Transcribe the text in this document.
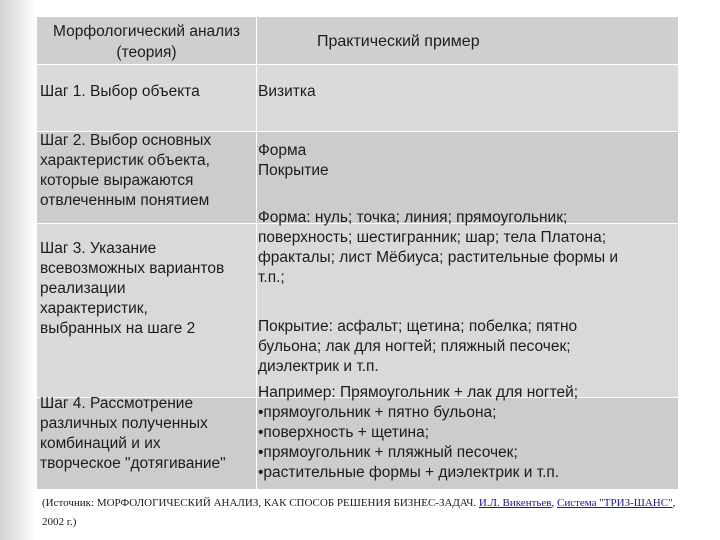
Морфологический анализ
(теория)
Практический пример
Шаг 1. Выбор объекта	Визитка
Шаг 2. Выбор основных
характеристик объекта,
которые выражаются
отвлеченным понятием
Форма
Покрытие
Шаг 3. Указание
всевозможных вариантов
реализации
характеристик,
выбранных на шаге 2
Форма: нуль; точка; линия; прямоугольник;
поверхность; шестигранник; шар; тела Платона;
фракталы; лист Мёбиуса; растительные формы и
т.п.;
Покрытие: асфальт; щетина; побелка; пятно
бульона; лак для ногтей; пляжный песочек;
диэлектрик и т.п.
Шаг 4. Рассмотрение
различных полученных
комбинаций и их
творческое "дотягивание"
Например: Прямоугольник + лак для ногтей;
•прямоугольник + пятно бульона;
•поверхность + щетина;
•прямоугольник + пляжный песочек;
•растительные формы + диэлектрик и т.п.
(Источник: МОРФОЛОГИЧЕСКИЙ АНАЛИЗ, КАК СПОСОБ РЕШЕНИЯ БИЗНЕС-ЗАДАЧ. И.Л. Викентьев, Система "ТРИЗ-ШАНС", 2002 г.)
